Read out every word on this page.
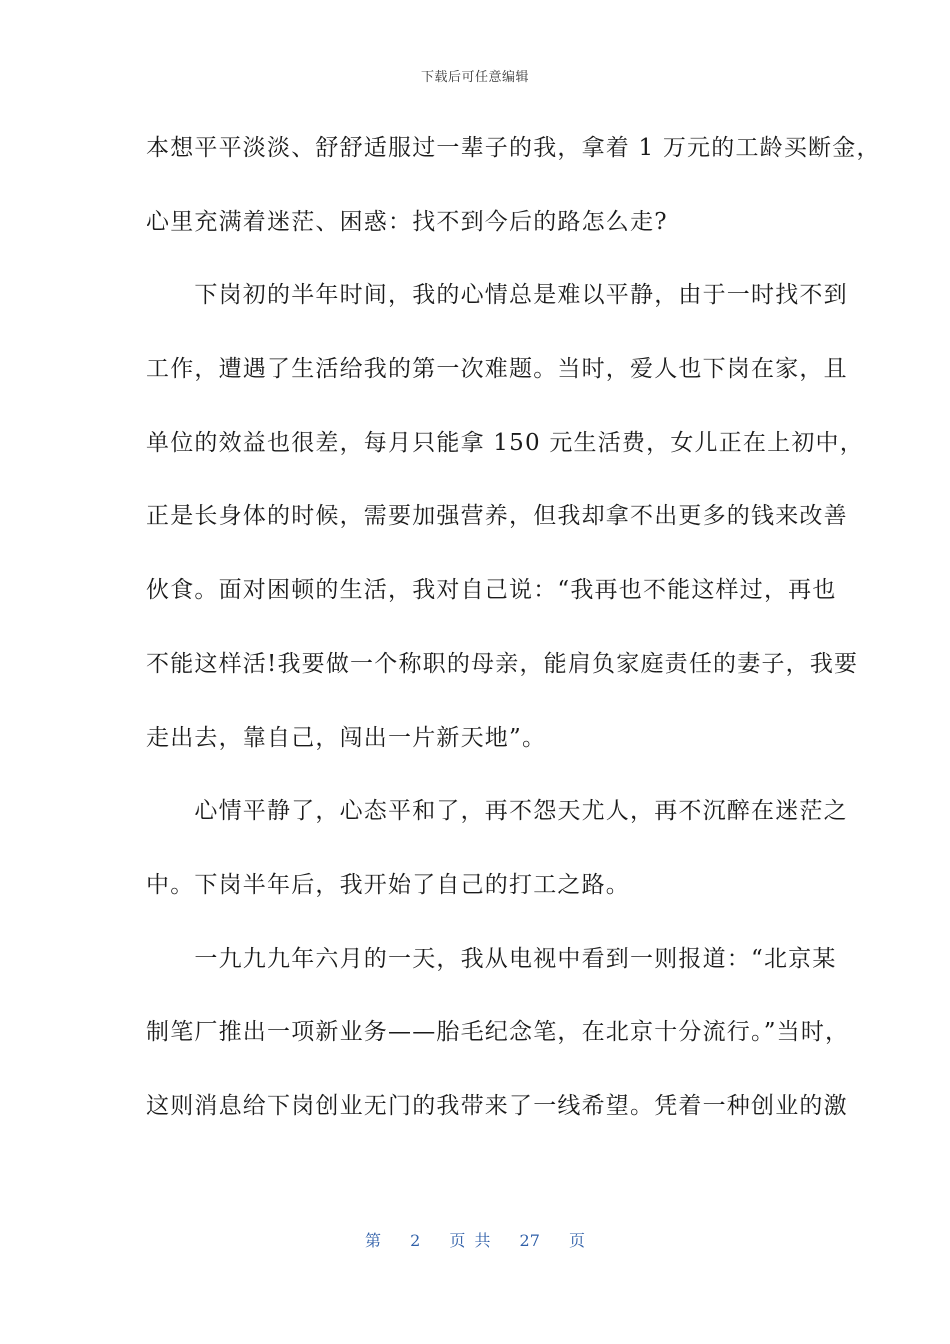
下载后可任意编辑
本想平平淡淡、舒舒适服过一辈子的我，拿着 1 万元的工龄买断金，
心里充满着迷茫、困惑：找不到今后的路怎么走?
　　下岗初的半年时间，我的心情总是难以平静，由于一时找不到
工作，遭遇了生活给我的第一次难题。当时，爱人也下岗在家，且
单位的效益也很差，每月只能拿 150 元生活费，女儿正在上初中，
正是长身体的时候，需要加强营养，但我却拿不出更多的钱来改善
伙食。面对困顿的生活，我对自己说：“我再也不能这样过，再也
不能这样活!我要做一个称职的母亲，能肩负家庭责任的妻子，我要
走出去，靠自己，闯出一片新天地”。
　　心情平静了，心态平和了，再不怨天尤人，再不沉醉在迷茫之
中。下岗半年后，我开始了自己的打工之路。
　　一九九九年六月的一天，我从电视中看到一则报道：“北京某
制笔厂推出一项新业务——胎毛纪念笔，在北京十分流行。”当时，
这则消息给下岗创业无门的我带来了一线希望。凭着一种创业的激
第 2 页 共 27 页
